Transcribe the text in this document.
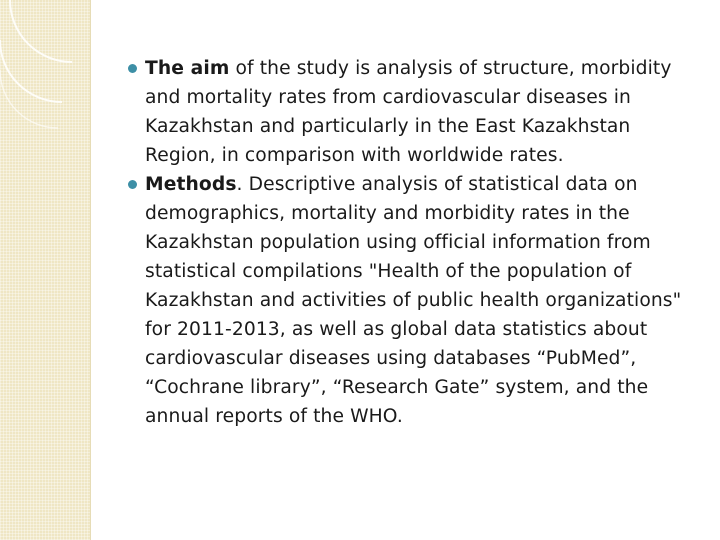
The aim of the study is analysis of structure, morbidity and mortality rates from cardiovascular diseases in Kazakhstan and particularly in the East Kazakhstan Region, in comparison with worldwide rates.
Methods. Descriptive analysis of statistical data on demographics, mortality and morbidity rates in the Kazakhstan population using official information from statistical compilations "Health of the population of Kazakhstan and activities of public health organizations" for 2011-2013, as well as global data statistics about cardiovascular diseases using databases “PubMed”, “Cochrane library”, “Research Gate” system, and the annual reports of the WHO.
